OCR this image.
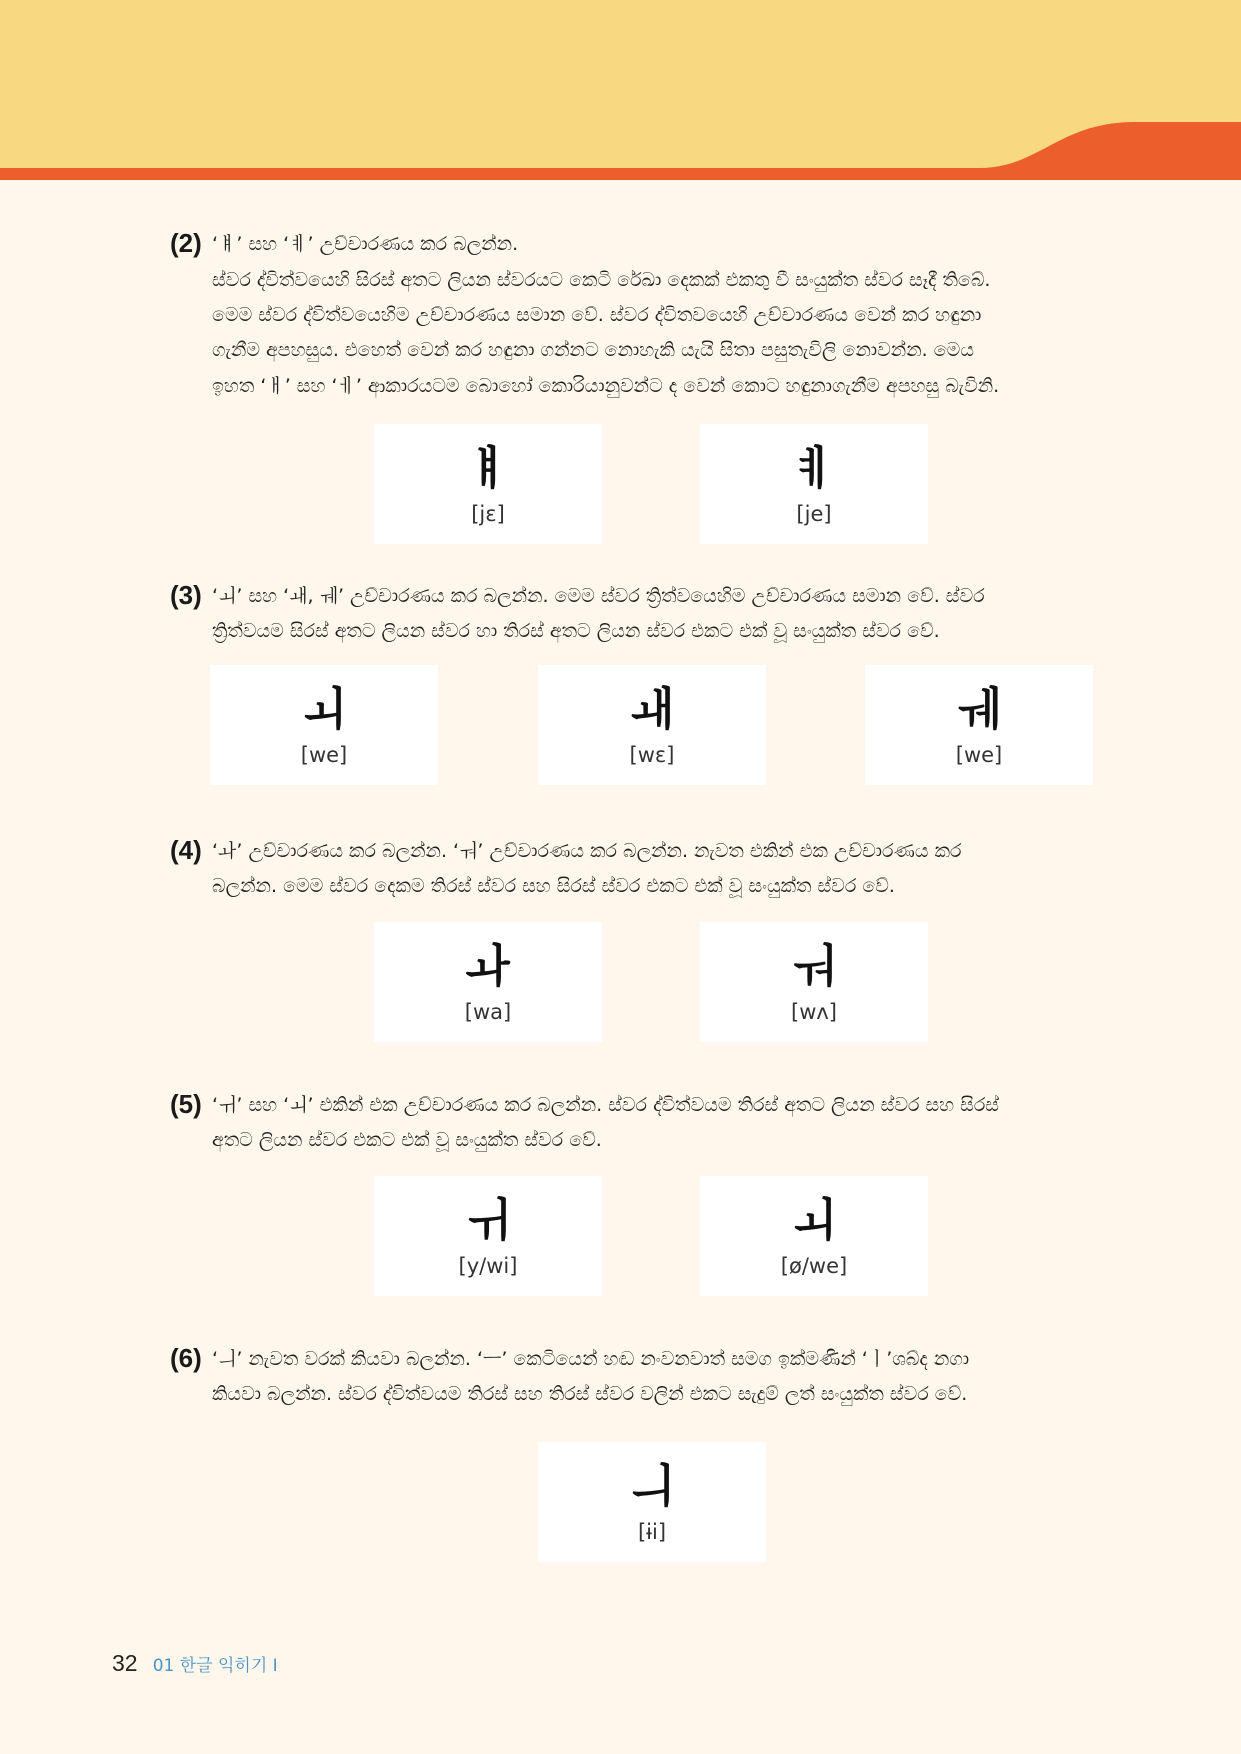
(2) ‘ㅒ’ සහ ‘ㅖ’ උච්චාරණය කර බලන්න.
ස්වර ද්විත්වයෙහි සිරස් අතට ලියන ස්වරයට කෙටි රේඛා දෙකක් එකතු වී සංයුක්ත ස්වර සෑදී තිබේ.
මෙම ස්වර ද්විත්වයෙහිම උච්චාරණය සමාන වේ. ස්වර ද්විතවයෙහි උච්චාරණය වෙන් කර හඳුනා
ගැනීම අපහසුය. එහෙත් වෙන් කර හඳුනා ගන්නට නොහැකි යැයි සිතා පසුතැවිලි නොවන්න. මෙය
ඉහත ‘ㅐ’ සහ ‘ㅔ’ ආකාරයටම බොහෝ කොරියානුවන්ට ද වෙන් කොට හඳුනාගැනීම අපහසු බැවිනි.
ㅒ
[jɛ]
ㅖ
[je]
(3) ‘ㅚ’ සහ ‘ㅙ, ㅞ’ උච්චාරණය කර බලන්න. මෙම ස්වර ත්‍රිත්වයෙහිම උච්චාරණය සමාන වේ. ස්වර
ත්‍රිත්වයම සිරස් අතට ලියන ස්වර හා තිරස් අතට ලියන ස්වර එකට එක් වූ සංයුක්ත ස්වර වේ.
ㅚ
[we]
ㅙ
[wɛ]
ㅞ
[we]
(4) ‘ㅘ’ උච්චාරණය කර බලන්න. ‘ㅝ’ උච්චාරණය කර බලන්න. නැවත එකින් එක උච්චාරණය කර
බලන්න. මෙම ස්වර දෙකම තිරස් ස්වර සහ සිරස් ස්වර එකට එක් වූ සංයුක්ත ස්වර වේ.
ㅘ
[wa]
ㅝ
[wʌ]
(5) ‘ㅟ’ සහ ‘ㅚ’ එකින් එක උච්චාරණය කර බලන්න. ස්වර ද්විත්වයම තිරස් අතට ලියන ස්වර සහ සිරස්
අතට ලියන ස්වර එකට එක් වූ සංයුක්ත ස්වර වේ.
ㅟ
[y/wi]
ㅚ
[ø/we]
(6) ‘ㅢ’ නැවත වරක් කියවා බලන්න. ‘ㅡ’ කෙටියෙන් හඬ නංවනවාත් සමග ඉක්මණින් ‘ㅣ’ශබ්ද නගා
කියවා බලන්න. ස්වර ද්විත්වයම තිරස් සහ තිරස් ස්වර වලින් එකට සැදුම් ලත් සංයුක්ත ස්වර වේ.
ㅢ
[ɨi]
32 01 한글 익히기 Ⅰ
